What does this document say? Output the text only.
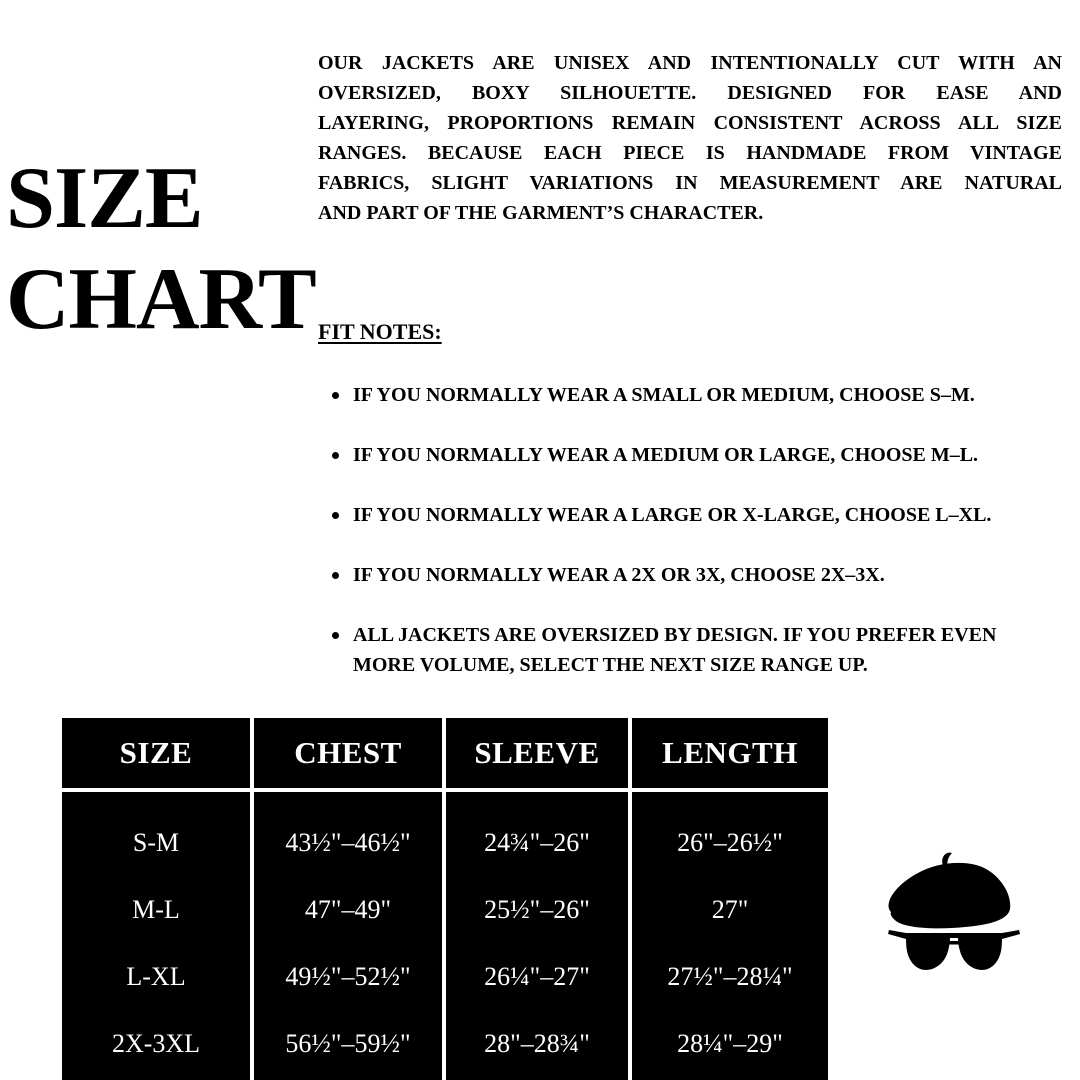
SIZE
CHART
OUR JACKETS ARE UNISEX AND INTENTIONALLY CUT WITH AN
OVERSIZED, BOXY SILHOUETTE. DESIGNED FOR EASE AND
LAYERING, PROPORTIONS REMAIN CONSISTENT ACROSS ALL SIZE
RANGES. BECAUSE EACH PIECE IS HANDMADE FROM VINTAGE
FABRICS, SLIGHT VARIATIONS IN MEASUREMENT ARE NATURAL
AND PART OF THE GARMENT’S CHARACTER.
FIT NOTES:
IF YOU NORMALLY WEAR A SMALL OR MEDIUM, CHOOSE S–M.
IF YOU NORMALLY WEAR A MEDIUM OR LARGE, CHOOSE M–L.
IF YOU NORMALLY WEAR A LARGE OR X-LARGE, CHOOSE L–XL.
IF YOU NORMALLY WEAR A 2X OR 3X, CHOOSE 2X–3X.
ALL JACKETS ARE OVERSIZED BY DESIGN. IF YOU PREFER EVEN MORE VOLUME, SELECT THE NEXT SIZE RANGE UP.
SIZE	CHEST	SLEEVE	LENGTH
S-M	43½"–46½"	24¾"–26"	26"–26½"
M-L	47"–49"	25½"–26"	27"
L-XL	49½"–52½"	26¼"–27"	27½"–28¼"
2X-3XL	56½"–59½"	28"–28¾"	28¼"–29"
